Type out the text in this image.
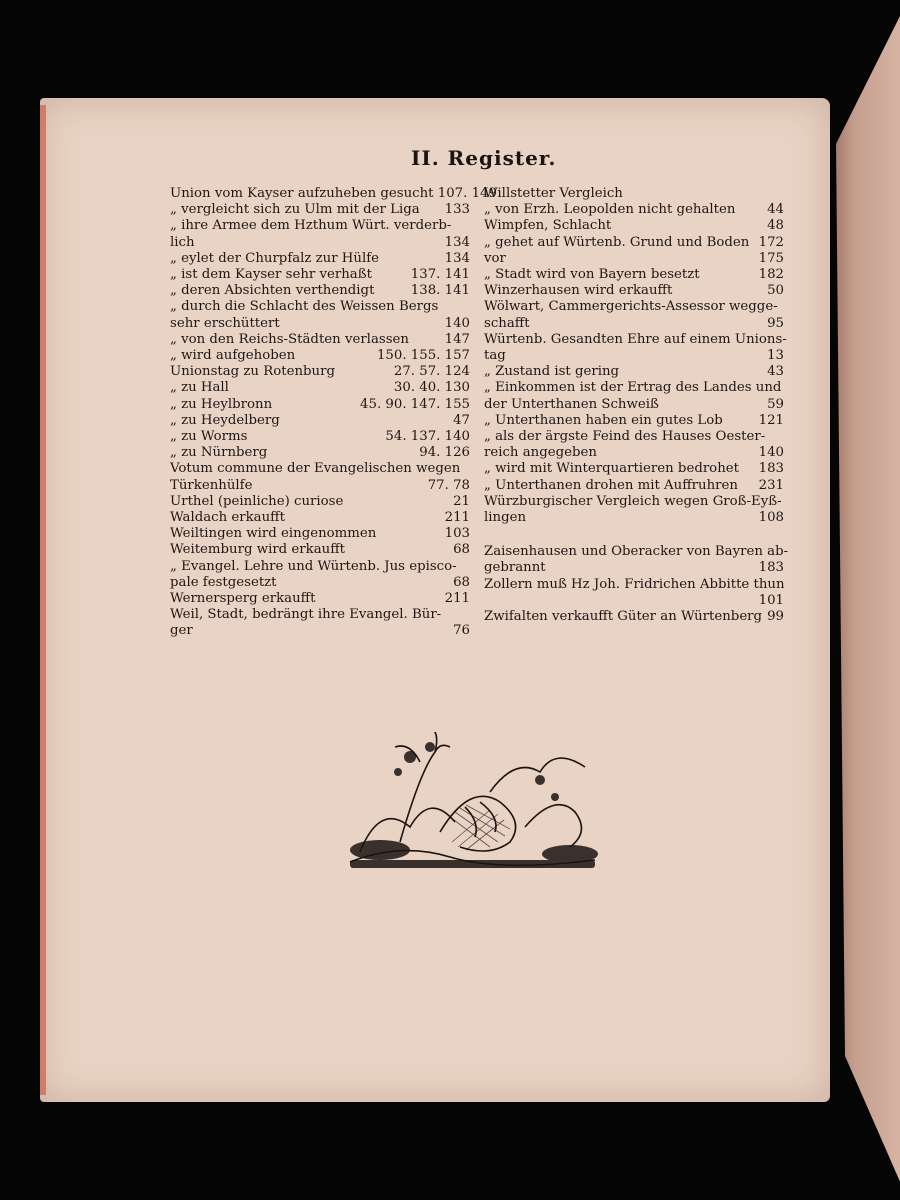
II. Register.
Union vom Kayser aufzuheben gesucht 107. 149
„ vergleicht sich zu Ulm mit der Liga 133
„ ihre Armee dem Hzthum Würt. verderb-
lich	134
„ eylet der Churpfalz zur Hülfe	134
„ ist dem Kayser sehr verhaßt	137. 141
„ deren Absichten verthendigt	138. 141
„ durch die Schlacht des Weissen Bergs
sehr erschüttert	140
„ von den Reichs-Städten verlassen	147
„ wird aufgehoben	150. 155. 157
Unionstag zu Rotenburg	27. 57. 124
„ zu Hall	30. 40. 130
„ zu Heylbronn	45. 90. 147. 155
„ zu Heydelberg	47
„ zu Worms	54. 137. 140
„ zu Nürnberg	94. 126
Votum commune der Evangelischen wegen
Türkenhülfe	77. 78
Urthel (peinliche) curiose	21
Waldach erkaufft	211
Weiltingen wird eingenommen	103
Weitemburg wird erkaufft	68
„ Evangel. Lehre und Würtenb. Jus episco-
pale festgesetzt	68
Wernersperg erkaufft	211
Weil, Stadt, bedrängt ihre Evangel. Bür-
ger	76
Willstetter Vergleich
„ von Erzh. Leopolden nicht gehalten 44
Wimpfen, Schlacht	48
„ gehet auf Würtenb. Grund und Boden 172
vor	175
„ Stadt wird von Bayern besetzt	182
Winzerhausen wird erkaufft	50
Wölwart, Cammergerichts-Assessor wegge-
schafft	95
Würtenb. Gesandten Ehre auf einem Unions-
tag	13
„ Zustand ist gering	43
„ Einkommen ist der Ertrag des Landes und
der Unterthanen Schweiß	59
„ Unterthanen haben ein gutes Lob	121
„ als der ärgste Feind des Hauses Oester-
reich angegeben	140
„ wird mit Winterquartieren bedrohet 183
„ Unterthanen drohen mit Auffruhren 231
Würzburgischer Vergleich wegen Groß-Eyß-
lingen	108
Zaisenhausen und Oberacker von Bayren ab-
gebrannt	183
Zollern muß Hz Joh. Fridrichen Abbitte thun
101
Zwifalten verkaufft Güter an Würtenberg 99
